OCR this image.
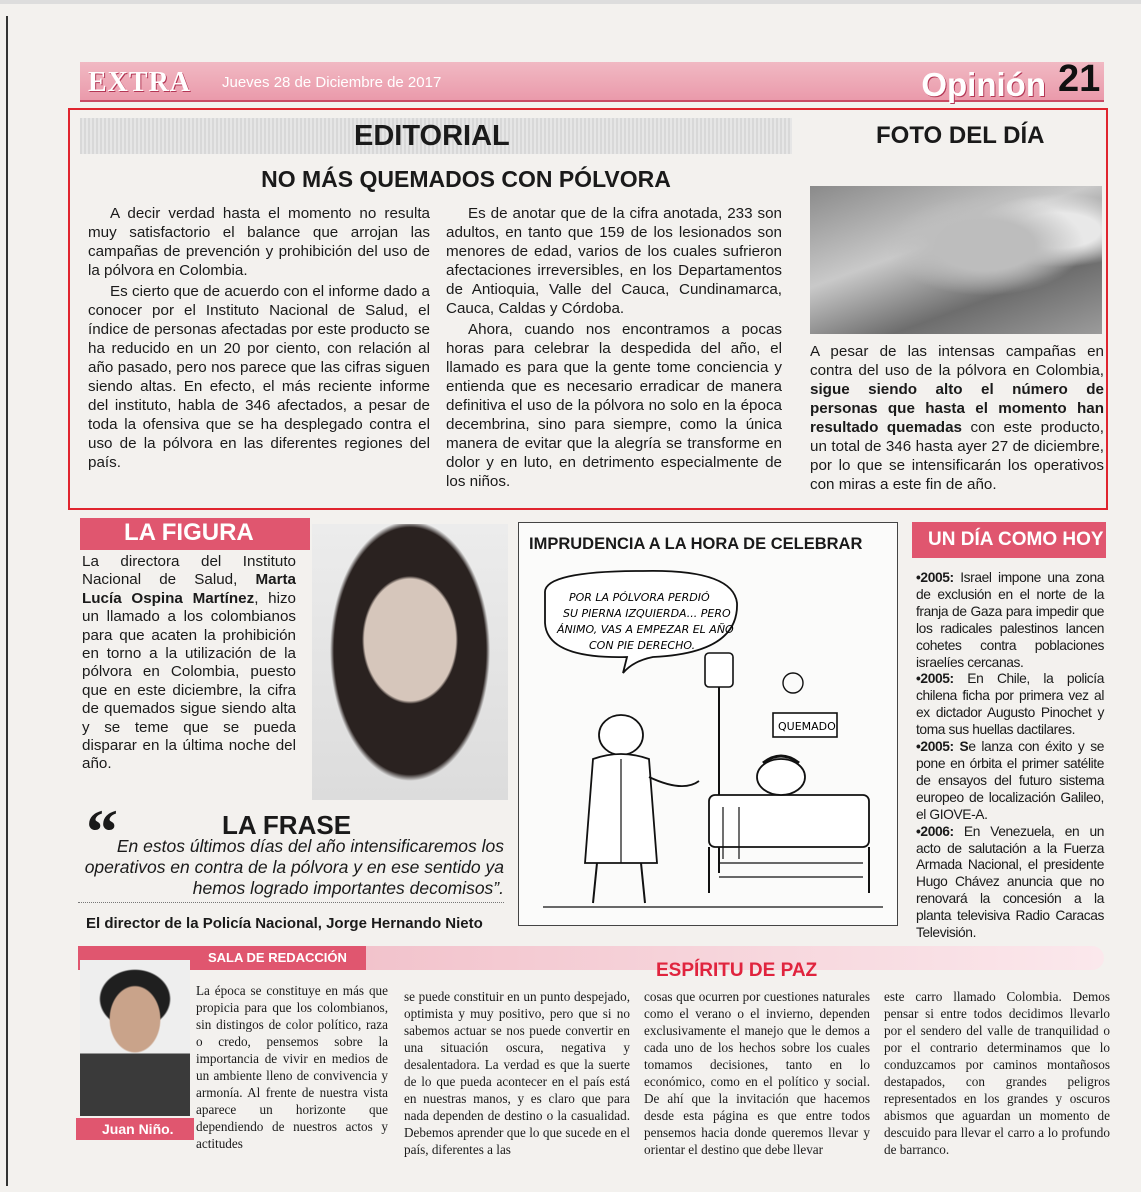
EXTRA Jueves 28 de Diciembre de 2017	Opinión 21
EDITORIAL
NO MÁS QUEMADOS CON PÓLVORA

A decir verdad hasta el momento no resulta muy satisfactorio el balance que arrojan las campañas de prevención y prohibición del uso de la pólvora en Colombia.

Es cierto que de acuerdo con el informe dado a conocer por el Instituto Nacional de Salud, el índice de personas afectadas por este producto se ha reducido en un 20 por ciento, con relación al año pasado, pero nos parece que las cifras siguen siendo altas. En efecto, el más reciente informe del instituto, habla de 346 afectados, a pesar de toda la ofensiva que se ha desplegado contra el uso de la pólvora en las diferentes regiones del país.

Es de anotar que de la cifra anotada, 233 son adultos, en tanto que 159 de los lesionados son menores de edad, varios de los cuales sufrieron afectaciones irreversibles, en los Departamentos de Antioquia, Valle del Cauca, Cundinamarca, Cauca, Caldas y Córdoba.

Ahora, cuando nos encontramos a pocas horas para celebrar la despedida del año, el llamado es para que la gente tome conciencia y entienda que es necesario erradicar de manera definitiva el uso de la pólvora no solo en la época decembrina, sino para siempre, como la única manera de evitar que la alegría se transforme en dolor y en luto, en detrimento especialmente de los niños.

FOTO DEL DÍA
A pesar de las intensas campañas en contra del uso de la pólvora en Colombia, sigue siendo alto el número de personas que hasta el momento han resultado quemadas con este producto, un total de 346 hasta ayer 27 de diciembre, por lo que se intensificarán los operativos con miras a este fin de año.
LA FIGURA
La directora del Instituto Nacional de Salud, Marta Lucía Ospina Martínez, hizo un llamado a los colombianos para que acaten la prohibición en torno a la utilización de la pólvora en Colombia, puesto que en este diciembre, la cifra de quemados sigue siendo alta y se teme que se pueda disparar en la última noche del año.
“	LA FRASE
En estos últimos días del año intensificaremos los operativos en contra de la pólvora y en ese sentido ya hemos logrado importantes decomisos”.
El director de la Policía Nacional, Jorge Hernando Nieto
IMPRUDENCIA A LA HORA DE CELEBRAR
POR LA PÓLVORA PERDIÓ
SU PIERNA IZQUIERDA... PERO
ÁNIMO, VAS A EMPEZAR EL AÑO
CON PIE DERECHO.
QUEMADO
UN DÍA COMO HOY
•2005: Israel impone una zona de exclusión en el norte de la franja de Gaza para impedir que los radicales palestinos lancen cohetes contra poblaciones israelíes cercanas.
•2005: En Chile, la policía chilena ficha por primera vez al ex dictador Augusto Pinochet y toma sus huellas dactilares.
•2005: Se lanza con éxito y se pone en órbita el primer satélite de ensayos del futuro sistema europeo de localización Galileo, el GIOVE-A.
•2006: En Venezuela, en un acto de salutación a la Fuerza Armada Nacional, el presidente Hugo Chávez anuncia que no renovará la concesión a la planta televisiva Radio Caracas Televisión.
SALA DE REDACCIÓN
ESPÍRITU DE PAZ
Juan Niño.
La época se constituye en más que propicia para que los colombianos, sin distingos de color político, raza o credo, pensemos sobre la importancia de vivir en medios de un ambiente lleno de convivencia y armonía. Al frente de nuestra vista aparece un horizonte que dependiendo de nuestros actos y actitudes
se puede constituir en un punto despejado, optimista y muy positivo, pero que si no sabemos actuar se nos puede convertir en una situación oscura, negativa y desalentadora. La verdad es que la suerte de lo que pueda acontecer en el país está en nuestras manos, y es claro que para nada dependen de destino o la casualidad. Debemos aprender que lo que sucede en el país, diferentes a las
cosas que ocurren por cuestiones naturales como el verano o el invierno, dependen exclusivamente el manejo que le demos a cada uno de los hechos sobre los cuales tomamos decisiones, tanto en lo económico, como en el político y social. De ahí que la invitación que hacemos desde esta página es que entre todos pensemos hacia donde queremos llevar y orientar el destino que debe llevar
este carro llamado Colombia. Demos pensar si entre todos decidimos llevarlo por el sendero del valle de tranquilidad o por el contrario determinamos que lo conduzcamos por caminos montañosos destapados, con grandes peligros representados en los grandes y oscuros abismos que aguardan un momento de descuido para llevar el carro a lo profundo de barranco.
